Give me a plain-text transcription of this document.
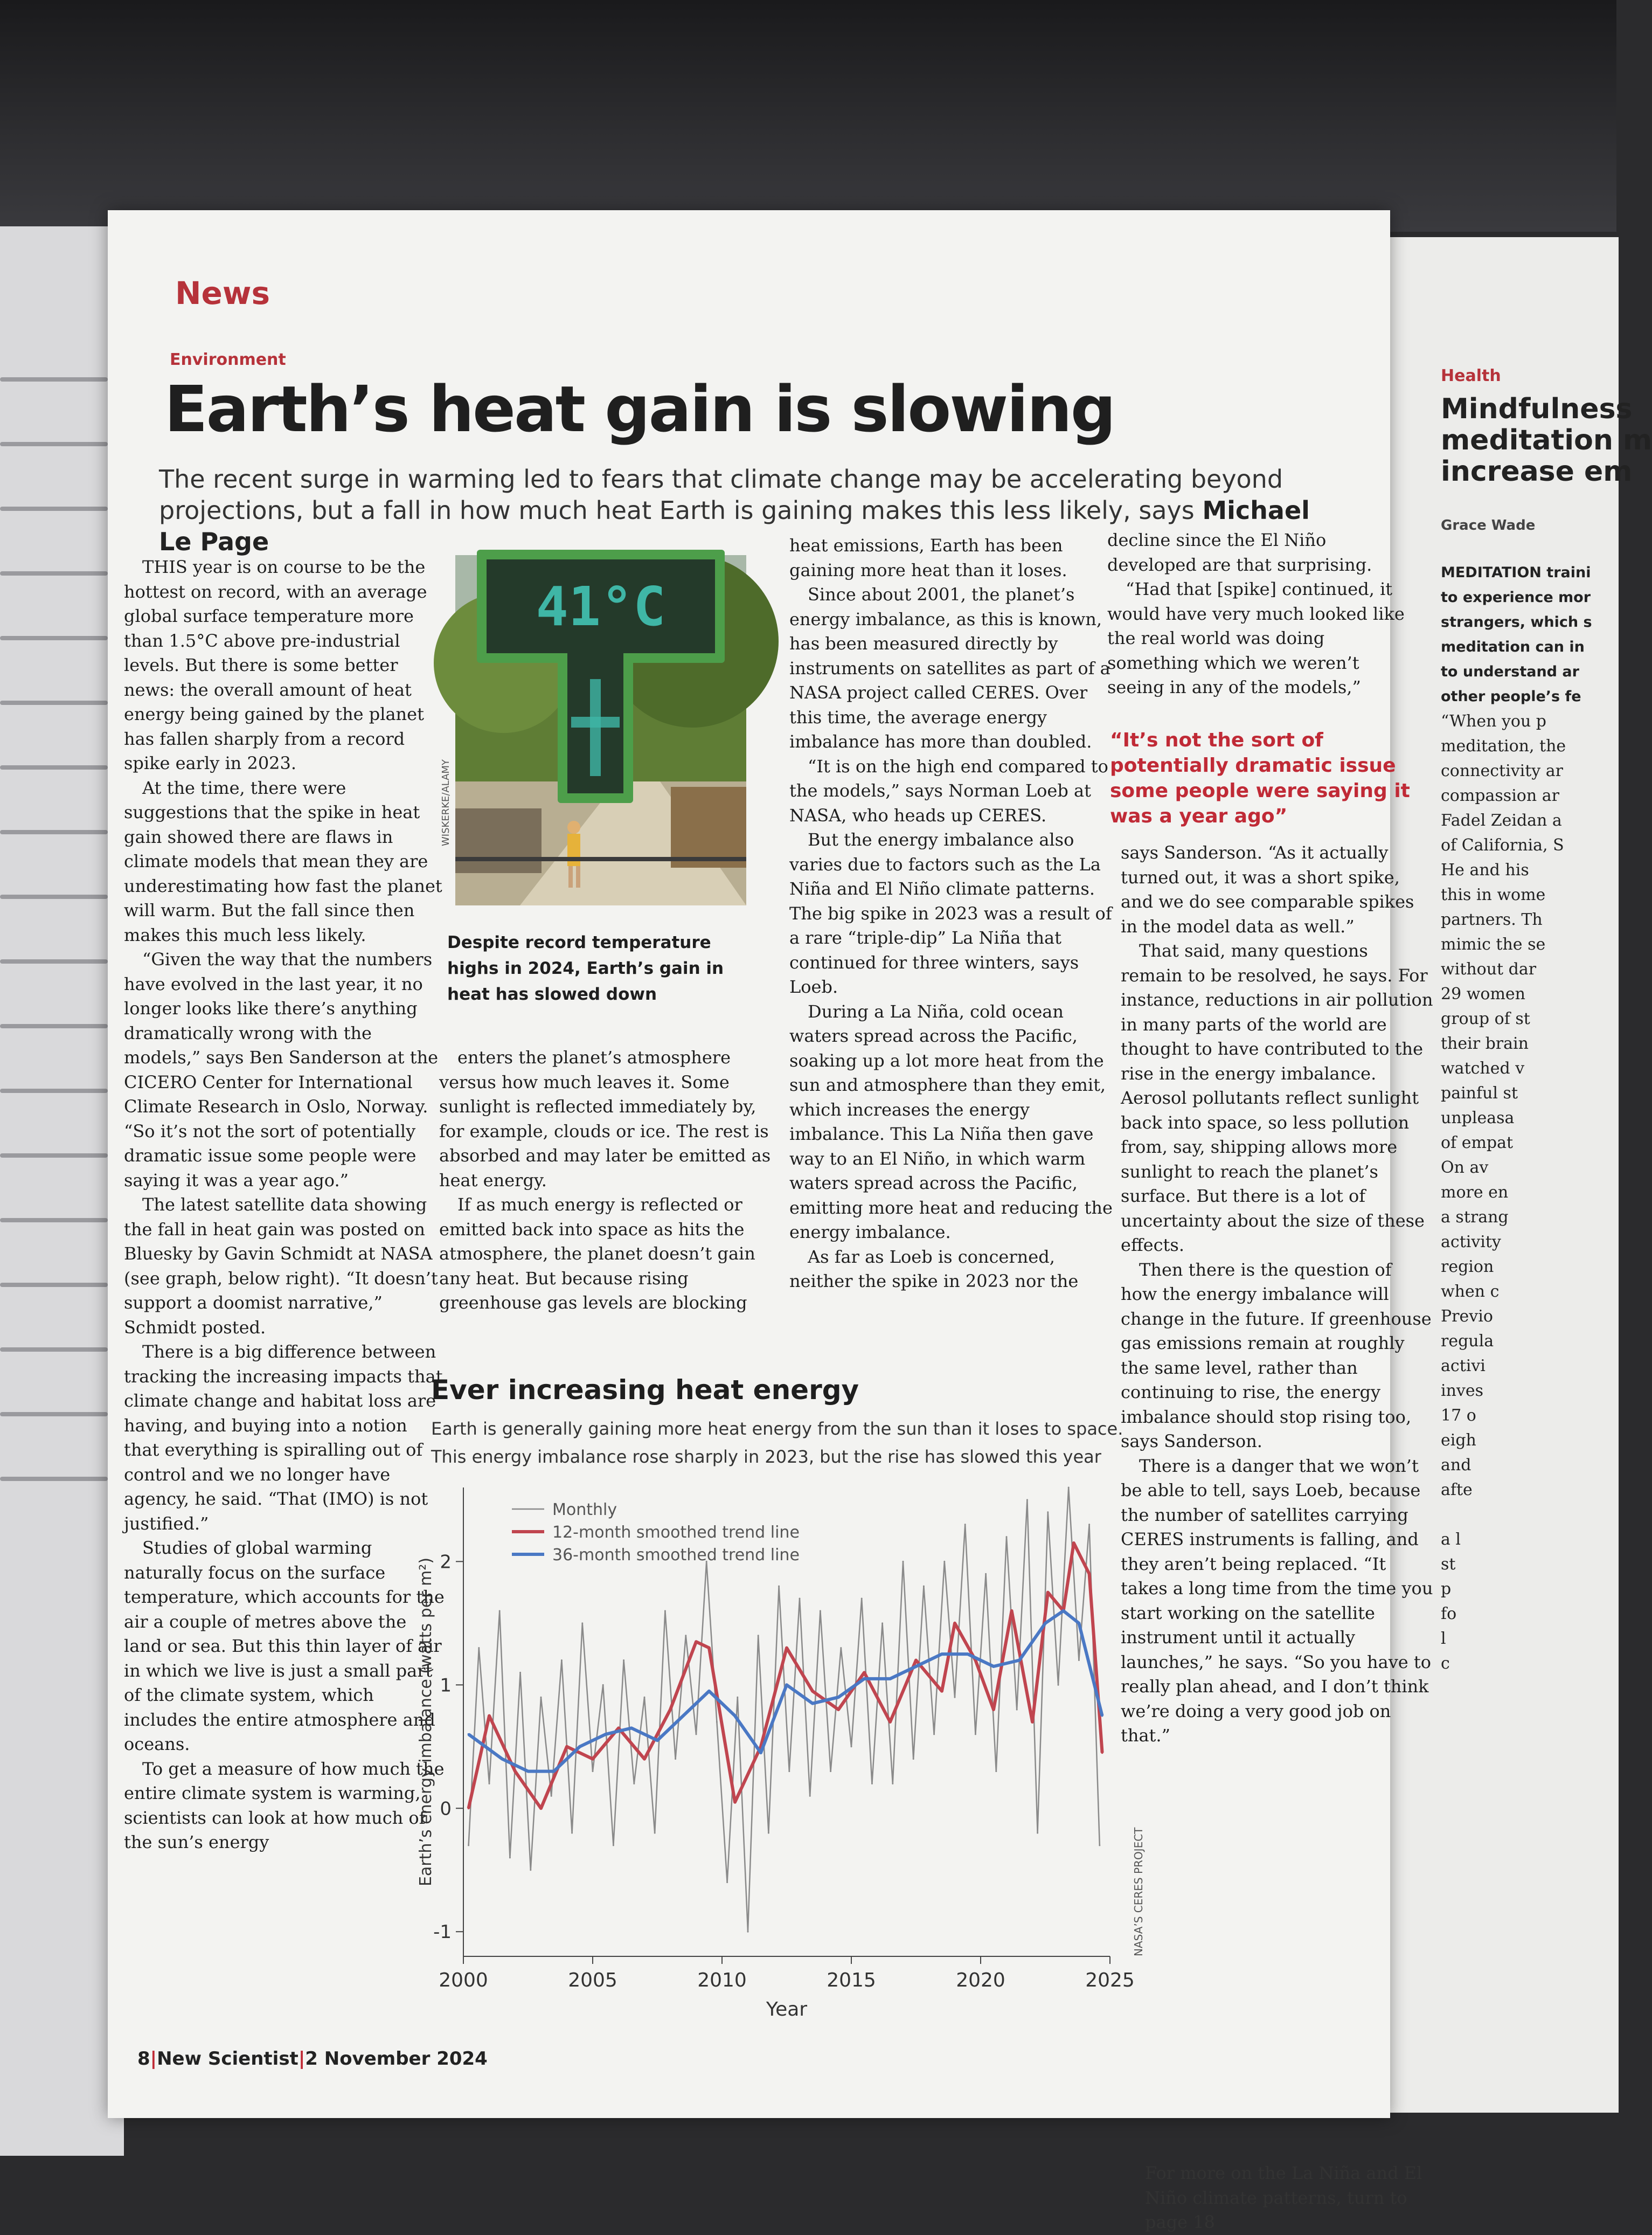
Health
Mindfulness
meditation m
increase em
Grace Wade
MEDITATION traini
to experience mor
strangers, which s
meditation can in
to understand ar
other people’s fe
“When you p
meditation, the
connectivity ar
compassion ar
Fadel Zeidan a
of California, S
He and his
this in wome
partners. Th
mimic the se
without dar
29 women
group of st
their brain
watched v
painful st
unpleasa
of empat
On av
more en
a strang
activity
region
when c
Previo
regula
activi
inves
17 o
eigh
and
afte

a l
st
p
fo
l
c
News
Environment
Earth’s heat gain is slowing
The recent surge in warming led to fears that climate change may be accelerating beyond projections, but a fall in how much heat Earth is gaining makes this less likely, says Michael Le Page

THIS year is on course to be the hottest on record, with an average global surface temperature more than 1.5°C above pre-industrial levels. But there is some better news: the overall amount of heat energy being gained by the planet has fallen sharply from a record spike early in 2023.

At the time, there were suggestions that the spike in heat gain showed there are flaws in climate models that mean they are underestimating how fast the planet will warm. But the fall since then makes this much less likely.

“Given the way that the numbers have evolved in the last year, it no longer looks like there’s anything dramatically wrong with the models,” says Ben Sanderson at the CICERO Center for International Climate Research in Oslo, Norway. “So it’s not the sort of potentially dramatic issue some people were saying it was a year ago.”

The latest satellite data showing the fall in heat gain was posted on Bluesky by Gavin Schmidt at NASA (see graph, below right). “It doesn’t support a doomist narrative,” Schmidt posted.

There is a big difference between tracking the increasing impacts that climate change and habitat loss are having, and buying into a notion that everything is spiralling out of control and we no longer have agency, he said. “That (IMO) is not justified.”

Studies of global warming naturally focus on the surface temperature, which accounts for the air a couple of metres above the land or sea. But this thin layer of air in which we live is just a small part of the climate system, which includes the entire atmosphere and oceans.

To get a measure of how much the entire climate system is warming, scientists can look at how much of the sun’s energy

41°C
WISKERKE/ALAMY
Despite record temperature highs in 2024, Earth’s gain in heat has slowed down

enters the planet’s atmosphere versus how much leaves it. Some sunlight is reflected immediately by, for example, clouds or ice. The rest is absorbed and may later be emitted as heat energy.

If as much energy is reflected or emitted back into space as hits the atmosphere, the planet doesn’t gain any heat. But because rising greenhouse gas levels are blocking

heat emissions, Earth has been gaining more heat than it loses.

Since about 2001, the planet’s energy imbalance, as this is known, has been measured directly by instruments on satellites as part of a NASA project called CERES. Over this time, the average energy imbalance has more than doubled.

“It is on the high end compared to the models,” says Norman Loeb at NASA, who heads up CERES.

But the energy imbalance also varies due to factors such as the La Niña and El Niño climate patterns. The big spike in 2023 was a result of a rare “triple-dip” La Niña that continued for three winters, says Loeb.

During a La Niña, cold ocean waters spread across the Pacific, soaking up a lot more heat from the sun and atmosphere than they emit, which increases the energy imbalance. This La Niña then gave way to an El Niño, in which warm waters spread across the Pacific, emitting more heat and reducing the energy imbalance.

As far as Loeb is concerned, neither the spike in 2023 nor the

decline since the El Niño developed are that surprising.

“Had that [spike] continued, it would have very much looked like the real world was doing something which we weren’t seeing in any of the models,”

“It’s not the sort of potentially dramatic issue some people were saying it was a year ago”

says Sanderson. “As it actually turned out, it was a short spike, and we do see comparable spikes in the model data as well.”

That said, many questions remain to be resolved, he says. For instance, reductions in air pollution in many parts of the world are thought to have contributed to the rise in the energy imbalance. Aerosol pollutants reflect sunlight back into space, so less pollution from, say, shipping allows more sunlight to reach the planet’s surface. But there is a lot of uncertainty about the size of these effects.

Then there is the question of how the energy imbalance will change in the future. If greenhouse gas emissions remain at roughly the same level, rather than continuing to rise, the energy imbalance should stop rising too, says Sanderson.

There is a danger that we won’t be able to tell, says Loeb, because the number of satellites carrying CERES instruments is falling, and they aren’t being replaced. “It takes a long time from the time you start working on the satellite instrument until it actually launches,” he says. “So you have to really plan ahead, and I don’t think we’re doing a very good job on that.”

For more on the La Niña and El Niño climate patterns, turn to page 18
Ever increasing heat energy
Earth is generally gaining more heat energy from the sun than it loses to space. This energy imbalance rose sharply in 2023, but the rise has slowed this year
-1
0
1
2
2000	2005	2010	2015	2020	2025
Year
Earth’s energy imbalance (watts per m²)
NASA’S CERES PROJECT
Monthly
12-month smoothed trend line
36-month smoothed trend line
8|New Scientist|2 November 2024
